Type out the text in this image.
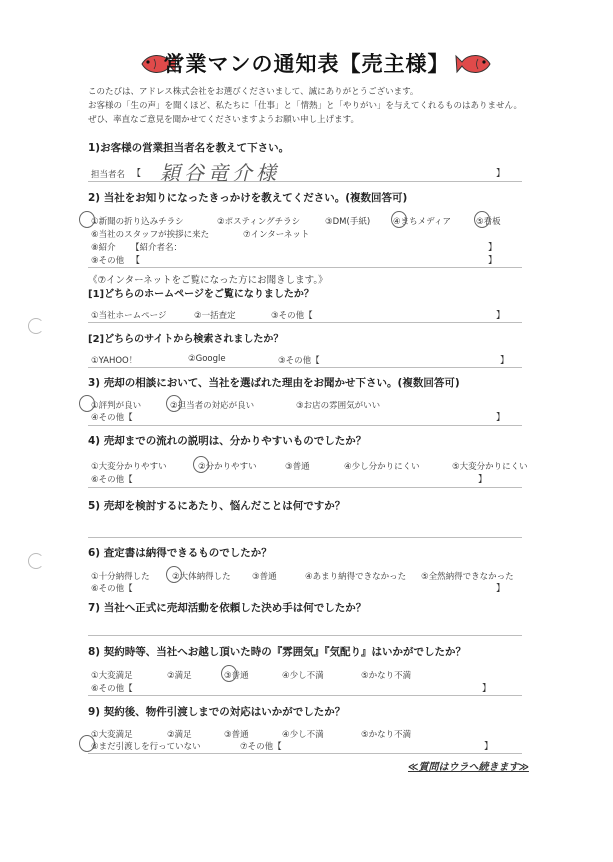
営業マンの通知表【売主様】
このたびは、アドレス株式会社をお選びくださいまして、誠にありがとうございます。
お客様の「生の声」を聞くほど、私たちに「仕事」と「情熱」と「やりがい」を与えてくれるものはありません。
ぜひ、率直なご意見を聞かせてくださいますようお願い申し上げます。
1)お客様の営業担当者名を教えて下さい。
担当者名 【 穎谷竜介様	】
2) 当社をお知りになったきっかけを教えてください。(複数回答可)
①新聞の折り込みチラシ	②ポスティングチラシ	③DM(手紙)	④まちメディア	⑤看板
⑥当社のスタッフが挨拶に来た	⑦インターネット
⑧紹介 【紹介者名：	】
⑨その他 【	】
《⑦インターネットをご覧になった方にお聞きします。》
[1]どちらのホームページをご覧になりましたか？
①当社ホームページ	②一括査定	③その他【	】
[2]どちらのサイトから検索されましたか？
①YAHOO！	②Google	③その他【	】
3) 売却の相談において、当社を選ばれた理由をお聞かせ下さい。(複数回答可)
①評判が良い	②担当者の対応が良い	③お店の雰囲気がいい
④その他【	】
4) 売却までの流れの説明は、分かりやすいものでしたか？
①大変分かりやすい	②分かりやすい	③普通	④少し分かりにくい	⑤大変分かりにくい
⑥その他【	】
5) 売却を検討するにあたり、悩んだことは何ですか？
6) 査定書は納得できるものでしたか？
①十分納得した	②大体納得した	③普通	④あまり納得できなかった ⑤全然納得できなかった
⑥その他【	】
7) 当社へ正式に売却活動を依頼した決め手は何でしたか？
8) 契約時等、当社へお越し頂いた時の『雰囲気』『気配り』はいかがでしたか？
①大変満足	②満足	③普通	④少し不満	⑤かなり不満
⑥その他【	】
9) 契約後、物件引渡しまでの対応はいかがでしたか？
①大変満足	②満足	③普通	④少し不満	⑤かなり不満
⑥まだ引渡しを行っていない	⑦その他【	】
≪質問はウラへ続きます≫
